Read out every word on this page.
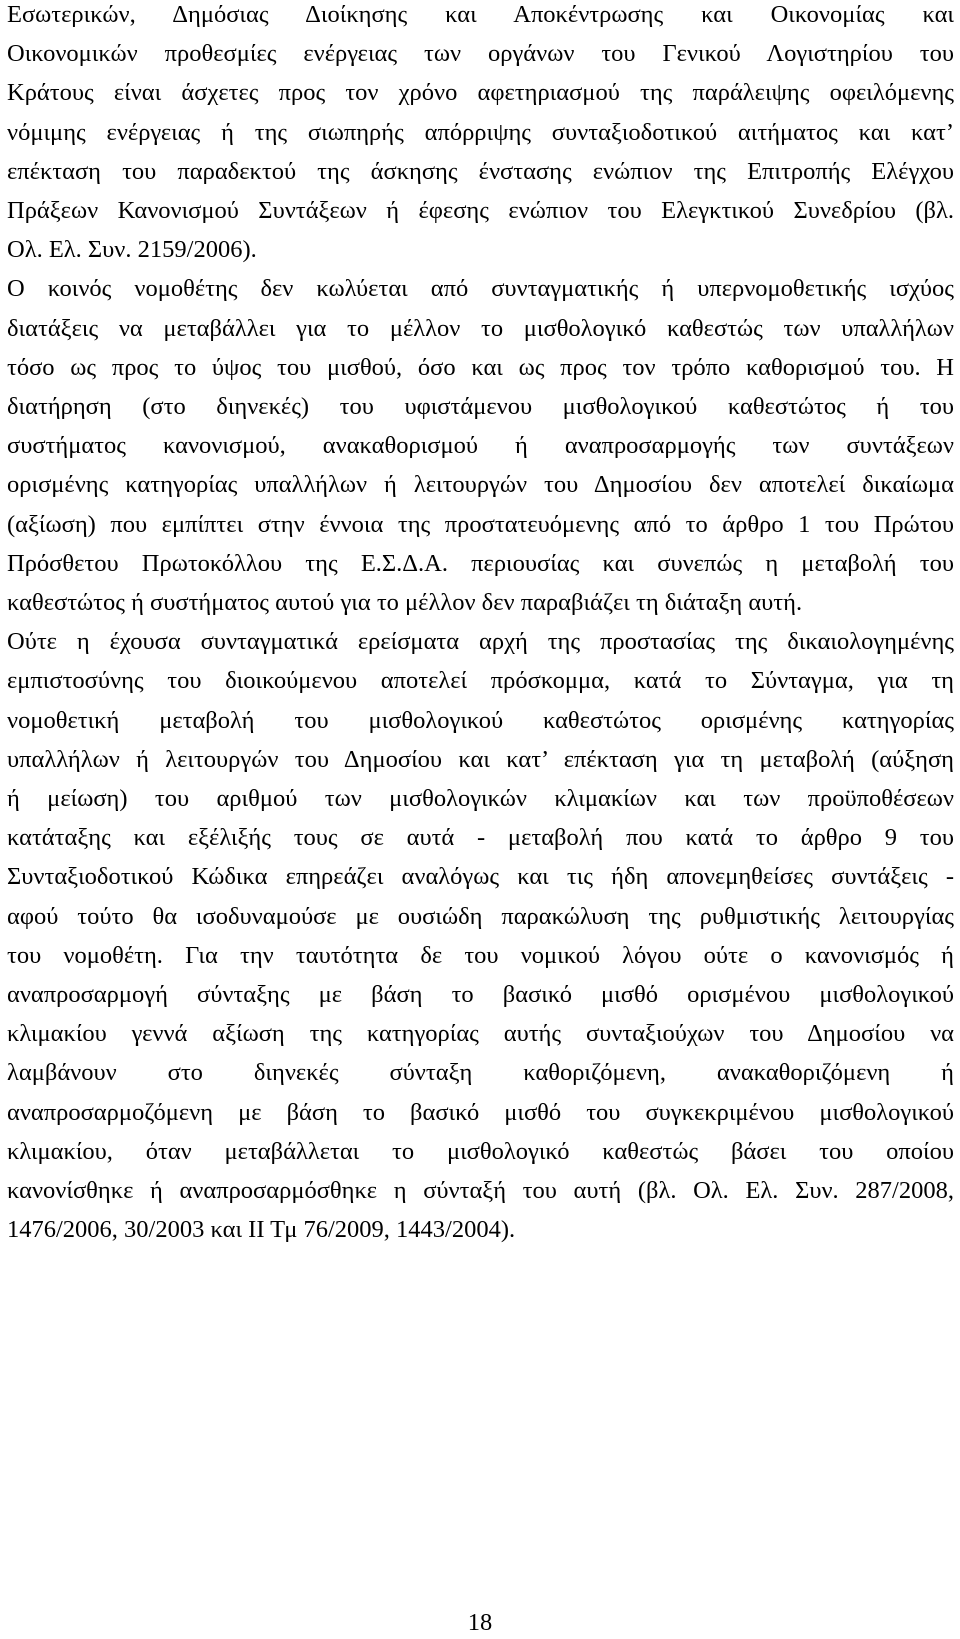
Εσωτερικών, Δημόσιας Διοίκησης και Αποκέντρωσης και Οικονομίας και
Οικονομικών προθεσμίες ενέργειας των οργάνων του Γενικού Λογιστηρίου του
Κράτους είναι άσχετες προς τον χρόνο αφετηριασμού της παράλειψης οφειλόμενης
νόμιμης ενέργειας ή της σιωπηρής απόρριψης συνταξιοδοτικού αιτήματος και κατ’
επέκταση του παραδεκτού της άσκησης ένστασης ενώπιον της Επιτροπής Ελέγχου
Πράξεων Κανονισμού Συντάξεων ή έφεσης ενώπιον του Ελεγκτικού Συνεδρίου (βλ.
Ολ. Ελ. Συν. 2159/2006).
Ο κοινός νομοθέτης δεν κωλύεται από συνταγματικής ή υπερνομοθετικής ισχύος
διατάξεις να μεταβάλλει για το μέλλον το μισθολογικό καθεστώς των υπαλλήλων
τόσο ως προς το ύψος του μισθού, όσο και ως προς τον τρόπο καθορισμού του. Η
διατήρηση (στο διηνεκές) του υφιστάμενου μισθολογικού καθεστώτος ή του
συστήματος κανονισμού, ανακαθορισμού ή αναπροσαρμογής των συντάξεων
ορισμένης κατηγορίας υπαλλήλων ή λειτουργών του Δημοσίου δεν αποτελεί δικαίωμα
(αξίωση) που εμπίπτει στην έννοια της προστατευόμενης από το άρθρο 1 του Πρώτου
Πρόσθετου Πρωτοκόλλου της Ε.Σ.Δ.Α. περιουσίας και συνεπώς η μεταβολή του
καθεστώτος ή συστήματος αυτού για το μέλλον δεν παραβιάζει τη διάταξη αυτή.
Ούτε η έχουσα συνταγματικά ερείσματα αρχή της προστασίας της δικαιολογημένης
εμπιστοσύνης του διοικούμενου αποτελεί πρόσκομμα, κατά το Σύνταγμα, για τη
νομοθετική μεταβολή του μισθολογικού καθεστώτος ορισμένης κατηγορίας
υπαλλήλων ή λειτουργών του Δημοσίου και κατ’ επέκταση για τη μεταβολή (αύξηση
ή μείωση) του αριθμού των μισθολογικών κλιμακίων και των προϋποθέσεων
κατάταξης και εξέλιξής τους σε αυτά - μεταβολή που κατά το άρθρο 9 του
Συνταξιοδοτικού Κώδικα επηρεάζει αναλόγως και τις ήδη απονεμηθείσες συντάξεις -
αφού τούτο θα ισοδυναμούσε με ουσιώδη παρακώλυση της ρυθμιστικής λειτουργίας
του νομοθέτη. Για την ταυτότητα δε του νομικού λόγου ούτε ο κανονισμός ή
αναπροσαρμογή σύνταξης με βάση το βασικό μισθό ορισμένου μισθολογικού
κλιμακίου γεννά αξίωση της κατηγορίας αυτής συνταξιούχων του Δημοσίου να
λαμβάνουν στο διηνεκές σύνταξη καθοριζόμενη, ανακαθοριζόμενη ή
αναπροσαρμοζόμενη με βάση το βασικό μισθό του συγκεκριμένου μισθολογικού
κλιμακίου, όταν μεταβάλλεται το μισθολογικό καθεστώς βάσει του οποίου
κανονίσθηκε ή αναπροσαρμόσθηκε η σύνταξή του αυτή (βλ. Ολ. Ελ. Συν. 287/2008,
1476/2006, 30/2003 και ΙΙ Τμ 76/2009, 1443/2004).
18
